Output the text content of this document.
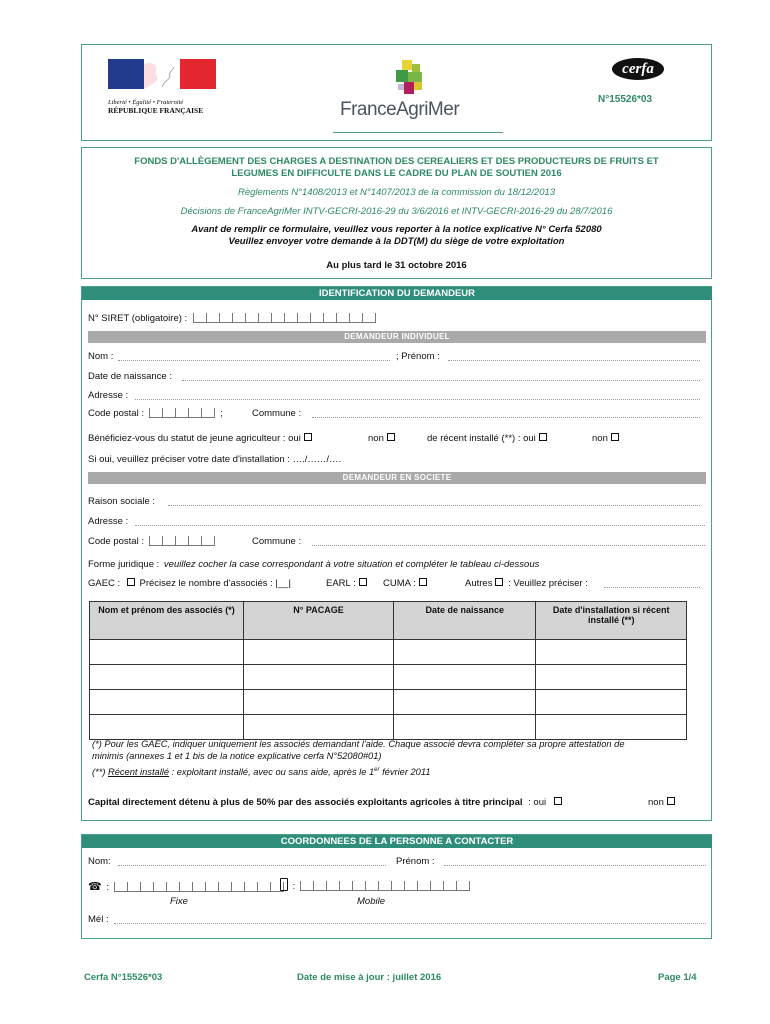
Liberté • Égalité • Fraternité
RÉPUBLIQUE FRANÇAISE	FranceAgriMer
cerfa
N°15526*03
FONDS D'ALLÈGEMENT DES CHARGES A DESTINATION DES CEREALIERS ET DES PRODUCTEURS DE FRUITS ET
LEGUMES EN DIFFICULTE DANS LE CADRE DU PLAN DE SOUTIEN 2016
Règlements N°1408/2013 et N°1407/2013 de la commission du 18/12/2013
Décisions de FranceAgriMer INTV-GECRI-2016-29 du 3/6/2016 et INTV-GECRI-2016-29 du 28/7/2016
Avant de remplir ce formulaire, veuillez vous reporter à la notice explicative N° Cerfa 52080
Veuillez envoyer votre demande à la DDT(M) du siège de votre exploitation
Au plus tard le 31 octobre 2016
IDENTIFICATION DU DEMANDEUR
N° SIRET (obligatoire) :
DEMANDEUR INDIVIDUEL
Nom :	; Prénom :
Date de naissance :
Adresse :
Code postal :	;	Commune :
Bénéficiez-vous du statut de jeune agriculteur : oui	non	de récent installé (**) : oui	non
Si oui, veuillez préciser votre date d'installation : …./……/….
DEMANDEUR EN SOCIETE
Raison sociale :
Adresse :
Code postal :	Commune :
Forme juridique : veuillez cocher la case correspondant à votre situation et compléter le tableau ci-dessous
GAEC : Précisez le nombre d'associés : |__|	EARL :	CUMA :	Autres : Veuillez préciser :
Nom et prénom des associés (*)	N° PACAGE	Date de naissance	Date d'installation si récent installé (**)

(*) Pour les GAEC, indiquer uniquement les associés demandant l'aide. Chaque associé devra compléter sa propre attestation de
minimis (annexes 1 et 1 bis de la notice explicative cerfa N°52080#01)
(**) Récent installé : exploitant installé, avec ou sans aide, après le 1er février 2011
Capital directement détenu à plus de 50% par des associés exploitants agricoles à titre principal : oui	non
COORDONNEES DE LA PERSONNE A CONTACTER
Nom:	Prénom :
☎ :	:
Fixe	Mobile
Mél :
Cerfa N°15526*03	Date de mise à jour : juillet 2016	Page 1/4
